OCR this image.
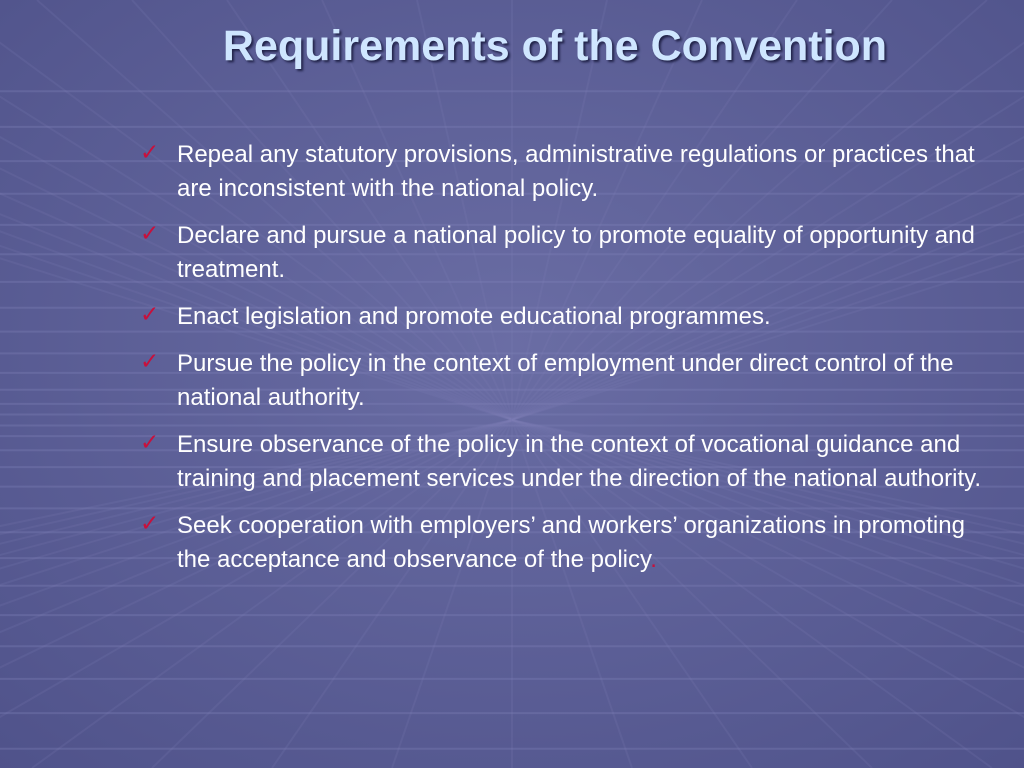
Requirements of the Convention
✓ Repeal any statutory provisions, administrative regulations or practices that are inconsistent with the national policy.
✓ Declare and pursue a national policy to promote equality of opportunity and treatment.
✓ Enact legislation and promote educational programmes.
✓ Pursue the policy in the context of employment under direct control of the national authority.
✓ Ensure observance of the policy in the context of vocational guidance and training and placement services under the direction of the national authority.
✓ Seek cooperation with employers’ and workers’ organizations in promoting the acceptance and observance of the policy.
